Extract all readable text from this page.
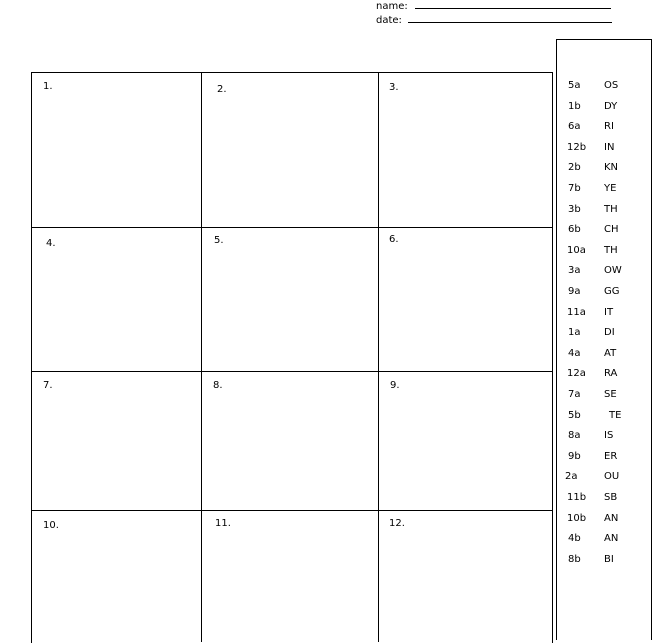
name:
date:
1.	2.	3.
4.	5.	6.
7.	8.	9.
10.	11.	12.
5a OS
1b DY
6a RI
12b IN
2b KN
7b YE
3b TH
6b CH
10a TH
3a OW
9a GG
11a IT
1a DI
4a AT
12a RA
7a SE
5b	TE
8a IS
9b ER
2a	OU
11b SB
10b AN
4b AN
8b BI
